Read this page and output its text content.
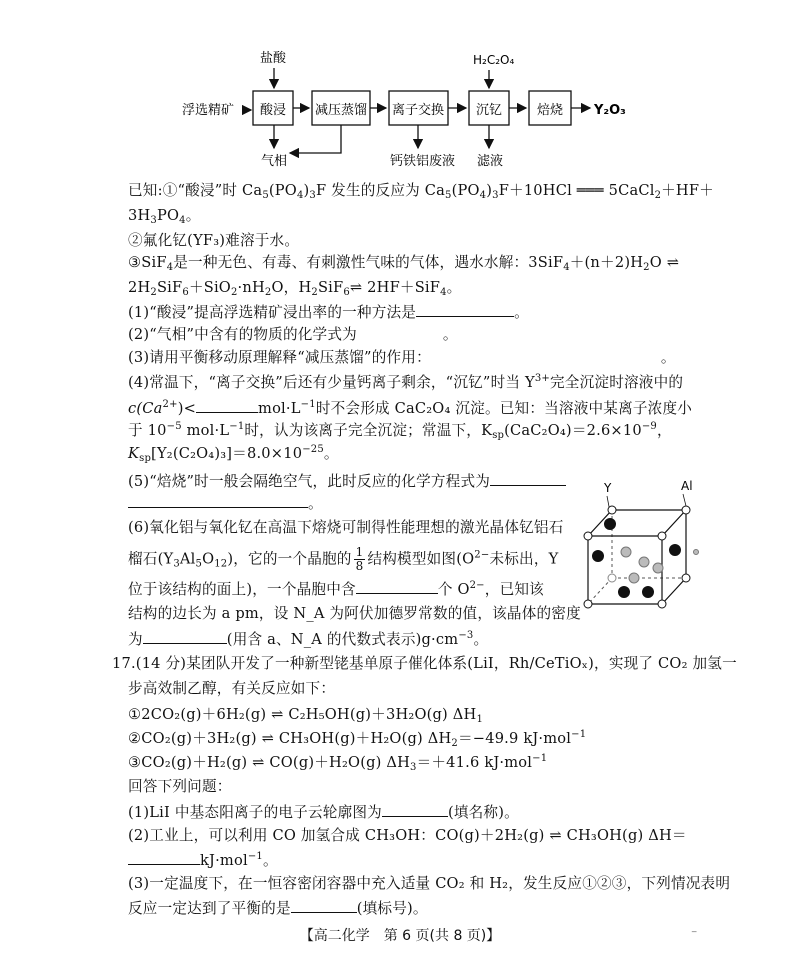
浮选精矿
盐酸
酸浸
气相
减压蒸馏 离子交换
钙铁铝废液
H₂C₂O₄
沉钇
滤液
焙烧 Y₂O₃
已知:①“酸浸”时 $Ca_5(PO_4)_3F$ 发生的反应为 $Ca_5(PO_4)_3F+10HCl$ ═══ 5CaCl$_2$＋HF＋
$3H_3PO_4$。
②氟化钇(YF₃)难溶于水。
③SiF$_4$是一种无色、有毒、有刺激性气味的气体，遇水水解：$3SiF_4+(n+2)H_2O$ ⇌
$2H_2SiF_6+SiO_2\cdot nH_2O$，$H_2SiF_6\rightleftharpoons$ 2HF＋SiF$_4$。
(1)“酸浸”提高浮选精矿浸出率的一种方法是	。
(2)“气相”中含有的物质的化学式为	。
(3)请用平衡移动原理解释“减压蒸馏”的作用：	。
(4)常温下，“离子交换”后还有少量钙离子剩余，“沉钇”时当 $Y^{3+}$完全沉淀时溶液中的
$c(Ca^{2+})<$	$mol\cdot L^{-1}$时不会形成 CaC₂O₄ 沉淀。已知：当溶液中某离子浓度小
于 $10^{-5}$ $mol\cdot L^{-1}$时，认为该离子完全沉淀；常温下，$K_{sp}(CaC_2O_4)=2.6\times 10^{-9}$，
$K_{sp}[Y_2(C_2O_4)_3]=8.0\times 10^{-25}$。
(5)“焙烧”时一般会隔绝空气，此时反应的化学方程式为
。
(6)氧化铝与氧化钇在高温下熔烧可制得性能理想的激光晶体钇铝石
榴石$(Y_3Al_5O_{12})$，它的一个晶胞的 $\frac{1}{8}$ 结构模型如图($O^{2-}$未标出，Y
位于该结构的面上)，一个晶胞中含	个 $O^{2-}$，已知该
结构的边长为 a pm，设 N_A 为阿伏加德罗常数的值，该晶体的密度
为	(用含 a、N_A 的代数式表示)$g\cdot cm^{-3}$。
Y	Al
17.(14 分)某团队开发了一种新型铑基单原子催化体系(LiI，Rh/CeTiOₓ)，实现了 CO₂ 加氢一
步高效制乙醇，有关反应如下：
①2CO₂(g)＋6H₂(g) ⇌ C₂H₅OH(g)＋3H₂O(g) $\Delta H_1$
②CO₂(g)＋3H₂(g) ⇌ CH₃OH(g)＋H₂O(g) $\Delta H_2=-49.9$ kJ·mol$^{-1}$
③CO₂(g)＋H₂(g) ⇌ CO(g)＋H₂O(g) $\Delta H_3=+41.6$ kJ·mol$^{-1}$
回答下列问题：
(1)LiI 中基态阳离子的电子云轮廓图为	(填名称)。
(2)工业上，可以利用 CO 加氢合成 CH₃OH：CO(g)＋2H₂(g) ⇌ CH₃OH(g) ΔH＝
kJ·mol$^{-1}$。
(3)一定温度下，在一恒容密闭容器中充入适量 CO₂ 和 H₂，发生反应①②③，下列情况表明
反应一定达到了平衡的是	(填标号)。
【高二化学　第 6 页(共 8 页)】	⁻
